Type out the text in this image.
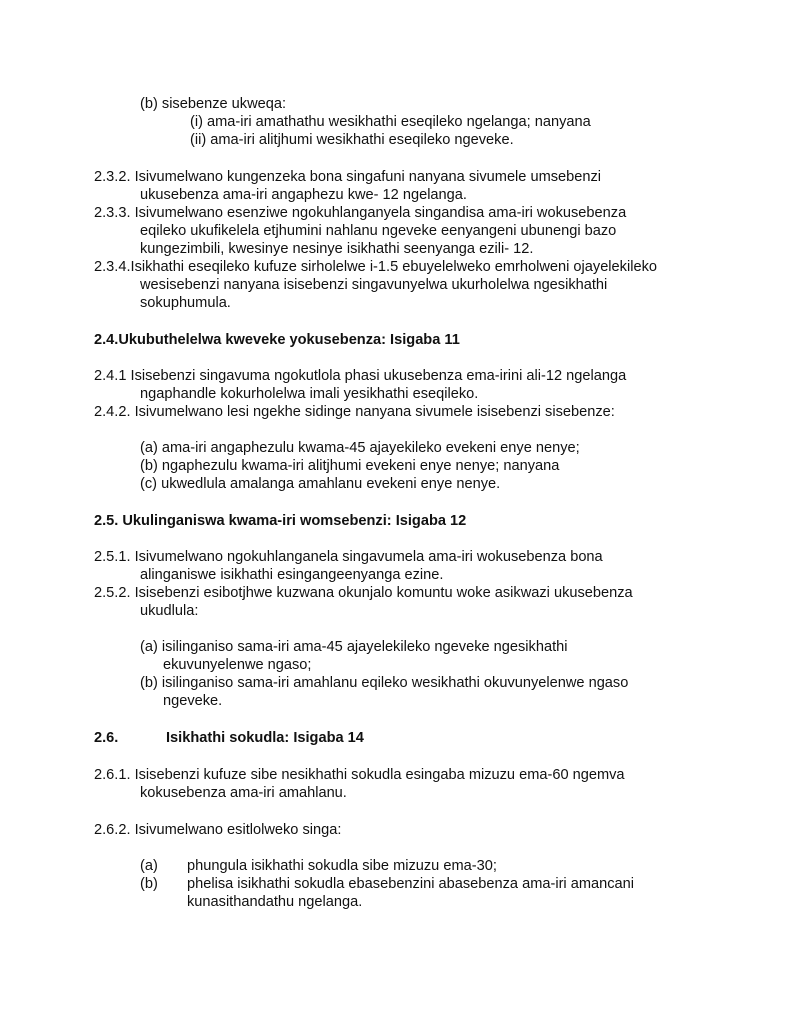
(b) sisebenze ukweqa:
(i) ama-iri amathathu wesikhathi eseqileko ngelanga; nanyana
(ii) ama-iri alitjhumi wesikhathi eseqileko ngeveke.
2.3.2. Isivumelwano kungenzeka bona singafuni nanyana sivumele umsebenzi
ukusebenza ama-iri angaphezu kwe- 12 ngelanga.
2.3.3. Isivumelwano esenziwe ngokuhlanganyela singandisa ama-iri wokusebenza
eqileko ukufikelela etjhumini nahlanu ngeveke eenyangeni ubunengi bazo
kungezimbili, kwesinye nesinye isikhathi seenyanga ezili- 12.
2.3.4.Isikhathi eseqileko kufuze sirholelwe i-1.5 ebuyelelweko emrholweni ojayelekileko
wesisebenzi nanyana isisebenzi singavunyelwa ukurholelwa ngesikhathi
sokuphumula.
2.4.Ukubuthelelwa kweveke yokusebenza: Isigaba 11
2.4.1 Isisebenzi singavuma ngokutlola phasi ukusebenza ema-irini ali-12 ngelanga
ngaphandle kokurholelwa imali yesikhathi eseqileko.
2.4.2. Isivumelwano lesi ngekhe sidinge nanyana sivumele isisebenzi sisebenze:
(a) ama-iri angaphezulu kwama-45 ajayekileko evekeni enye nenye;
(b) ngaphezulu kwama-iri alitjhumi evekeni enye nenye; nanyana
(c) ukwedlula amalanga amahlanu evekeni enye nenye.
2.5. Ukulinganiswa kwama-iri womsebenzi: Isigaba 12
2.5.1. Isivumelwano ngokuhlanganela singavumela ama-iri wokusebenza bona
alinganiswe isikhathi esingangeenyanga ezine.
2.5.2. Isisebenzi esibotjhwe kuzwana okunjalo komuntu woke asikwazi ukusebenza
ukudlula:
(a) isilinganiso sama-iri ama-45 ajayelekileko ngeveke ngesikhathi
ekuvunyelenwe ngaso;
(b) isilinganiso sama-iri amahlanu eqileko wesikhathi okuvunyelenwe ngaso
ngeveke.
2.6.	Isikhathi sokudla: Isigaba 14
2.6.1. Isisebenzi kufuze sibe nesikhathi sokudla esingaba mizuzu ema-60 ngemva
kokusebenza ama-iri amahlanu.
2.6.2. Isivumelwano esitlolweko singa:
(a) phungula isikhathi sokudla sibe mizuzu ema-30;
(b) phelisa isikhathi sokudla ebasebenzini abasebenza ama-iri amancani
kunasithandathu ngelanga.
